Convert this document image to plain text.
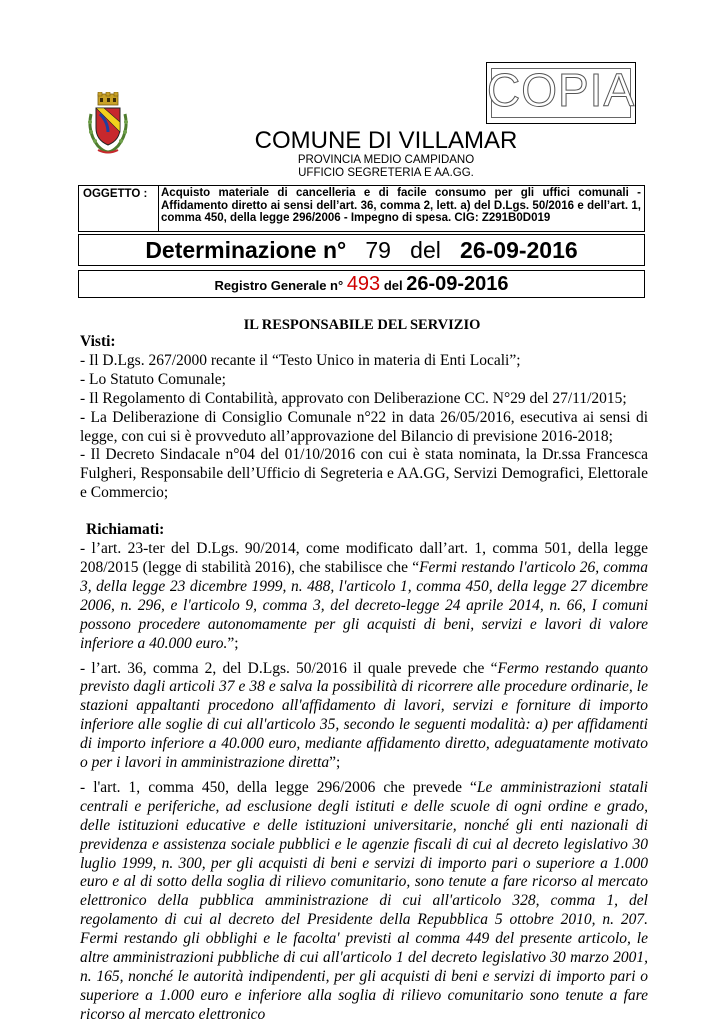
COPIA
COMUNE DI VILLAMAR
PROVINCIA MEDIO CAMPIDANO
UFFICIO SEGRETERIA E AA.GG.
OGGETTO :	Acquisto materiale di cancelleria e di facile consumo per gli uffici comunali - Affidamento diretto ai sensi dell’art. 36, comma 2, lett. a) del D.Lgs. 50/2016 e dell’art. 1, comma 450, della legge 296/2006 - Impegno di spesa. CIG: Z291B0D019
Determinazione n° 79 del 26-09-2016
Registro Generale n° 493 del 26-09-2016
IL RESPONSABILE DEL SERVIZIO

Visti:

- Il D.Lgs. 267/2000 recante il “Testo Unico in materia di Enti Locali”;

- Lo Statuto Comunale;

- Il Regolamento di Contabilità, approvato con Deliberazione CC. N°29 del 27/11/2015;

- La Deliberazione di Consiglio Comunale n°22 in data 26/05/2016, esecutiva ai sensi di legge, con cui si è provveduto all’approvazione del Bilancio di previsione 2016-2018;

- Il Decreto Sindacale n°04 del 01/10/2016 con cui è stata nominata, la Dr.ssa Francesca Fulgheri, Responsabile dell’Ufficio di Segreteria e AA.GG, Servizi Demografici, Elettorale e Commercio;

Richiamati:

- l’art. 23-ter del D.Lgs. 90/2014, come modificato dall’art. 1, comma 501, della legge 208/2015 (legge di stabilità 2016), che stabilisce che “Fermi restando l'articolo 26, comma 3, della legge 23 dicembre 1999, n. 488, l'articolo 1, comma 450, della legge 27 dicembre 2006, n. 296, e l'articolo 9, comma 3, del decreto-legge 24 aprile 2014, n. 66, I comuni possono procedere autonomamente per gli acquisti di beni, servizi e lavori di valore inferiore a 40.000 euro.”;

- l’art. 36, comma 2, del D.Lgs. 50/2016 il quale prevede che “Fermo restando quanto previsto dagli articoli 37 e 38 e salva la possibilità di ricorrere alle procedure ordinarie, le stazioni appaltanti procedono all'affidamento di lavori, servizi e forniture di importo inferiore alle soglie di cui all'articolo 35, secondo le seguenti modalità: a) per affidamenti di importo inferiore a 40.000 euro, mediante affidamento diretto, adeguatamente motivato o per i lavori in amministrazione diretta”;

- l'art. 1, comma 450, della legge 296/2006 che prevede “Le amministrazioni statali centrali e periferiche, ad esclusione degli istituti e delle scuole di ogni ordine e grado, delle istituzioni educative e delle istituzioni universitarie, nonché gli enti nazionali di previdenza e assistenza sociale pubblici e le agenzie fiscali di cui al decreto legislativo 30 luglio 1999, n. 300, per gli acquisti di beni e servizi di importo pari o superiore a 1.000 euro e al di sotto della soglia di rilievo comunitario, sono tenute a fare ricorso al mercato elettronico della pubblica amministrazione di cui all'articolo 328, comma 1, del regolamento di cui al decreto del Presidente della Repubblica 5 ottobre 2010, n. 207. Fermi restando gli obblighi e le facolta' previsti al comma 449 del presente articolo, le altre amministrazioni pubbliche di cui all'articolo 1 del decreto legislativo 30 marzo 2001, n. 165, nonché le autorità indipendenti, per gli acquisti di beni e servizi di importo pari o superiore a 1.000 euro e inferiore alla soglia di rilievo comunitario sono tenute a fare ricorso al mercato elettronico
